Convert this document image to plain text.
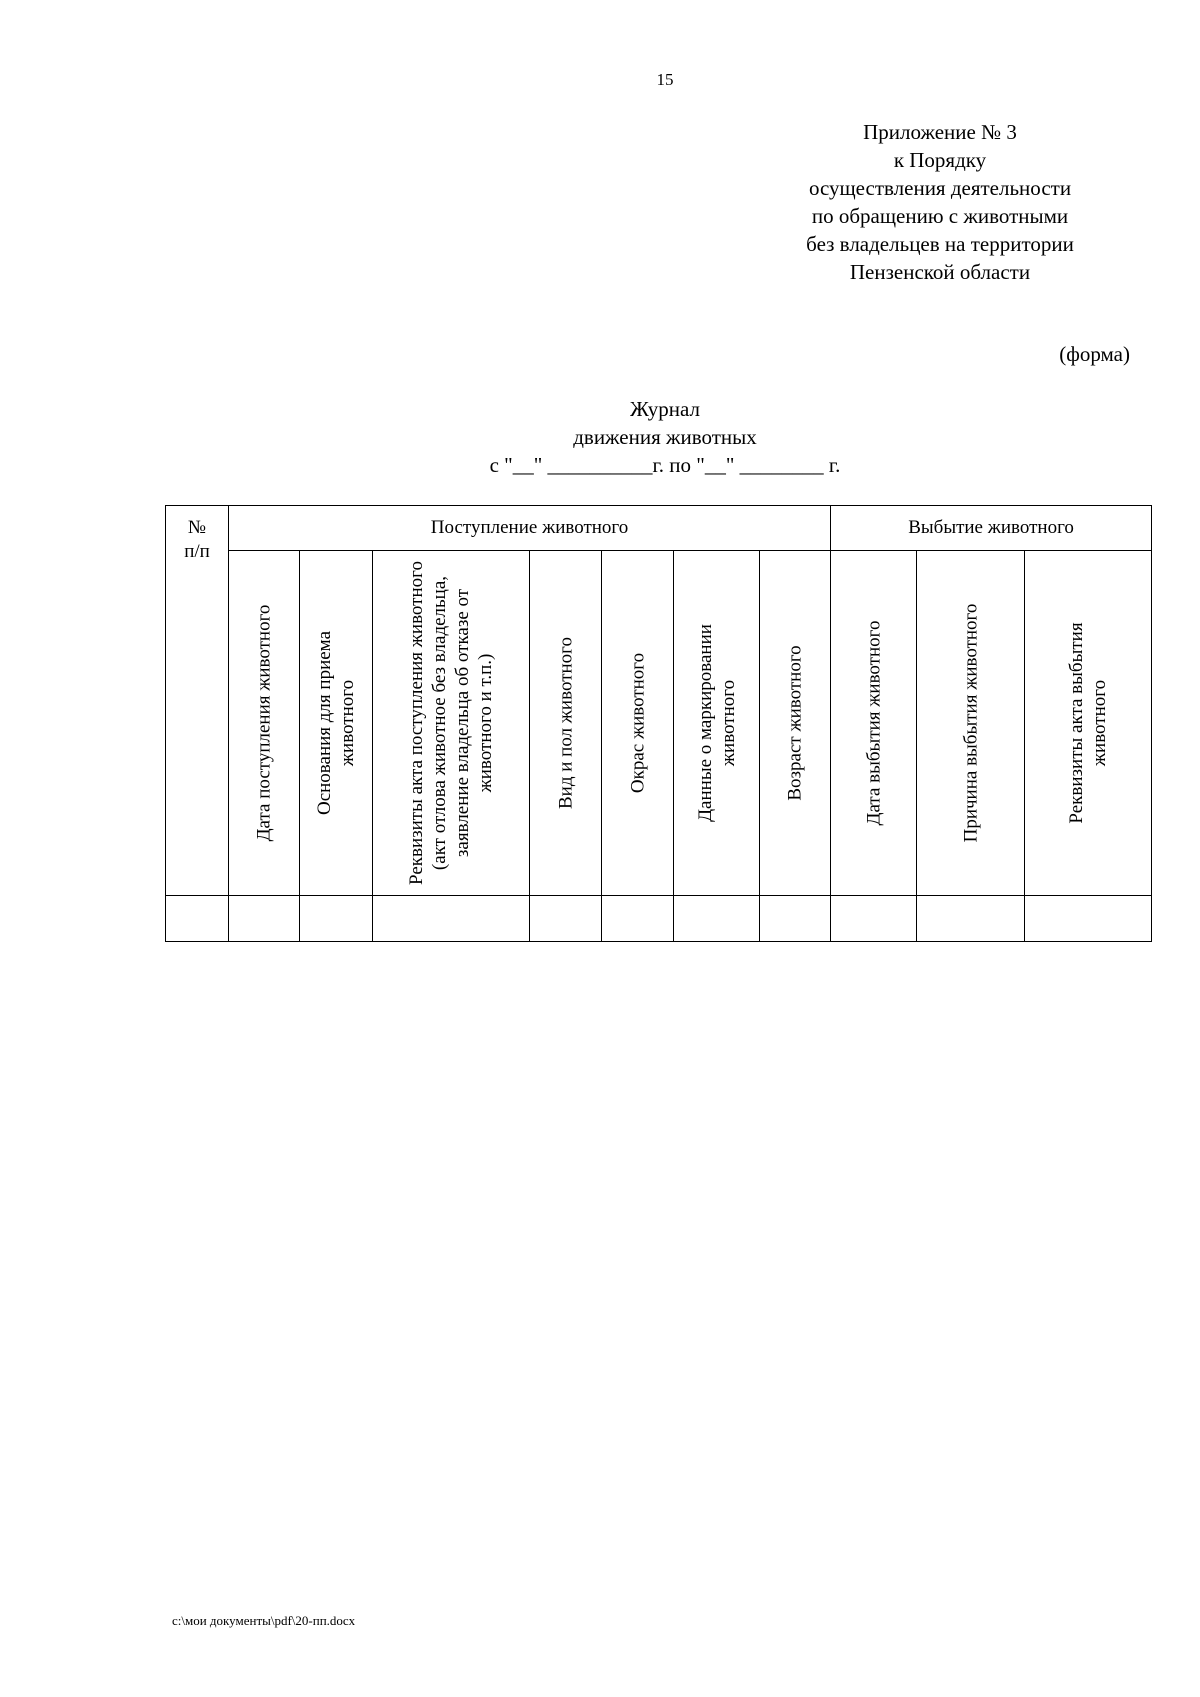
15
Приложение № 3
к Порядку
осуществления деятельности
по обращению с животными
без владельцев на территории
Пензенской области
(форма)
Журнал
движения животных
с "__" __________г. по "__" ________ г.
№
п/п	Поступление животного							Выбытие животного		

	Дата поступления животного	Основания для приема животного	Реквизиты акта поступления животного (акт отлова животное без владельца, заявление владельца об отказе от животного и т.п.)	Вид и пол животного	Окрас животного	Данные о маркировании животного	Возраст животного	Дата выбытия животного	Причина выбытия животного	Реквизиты акта выбытия животного

с:\мои документы\pdf\20-пп.docx
